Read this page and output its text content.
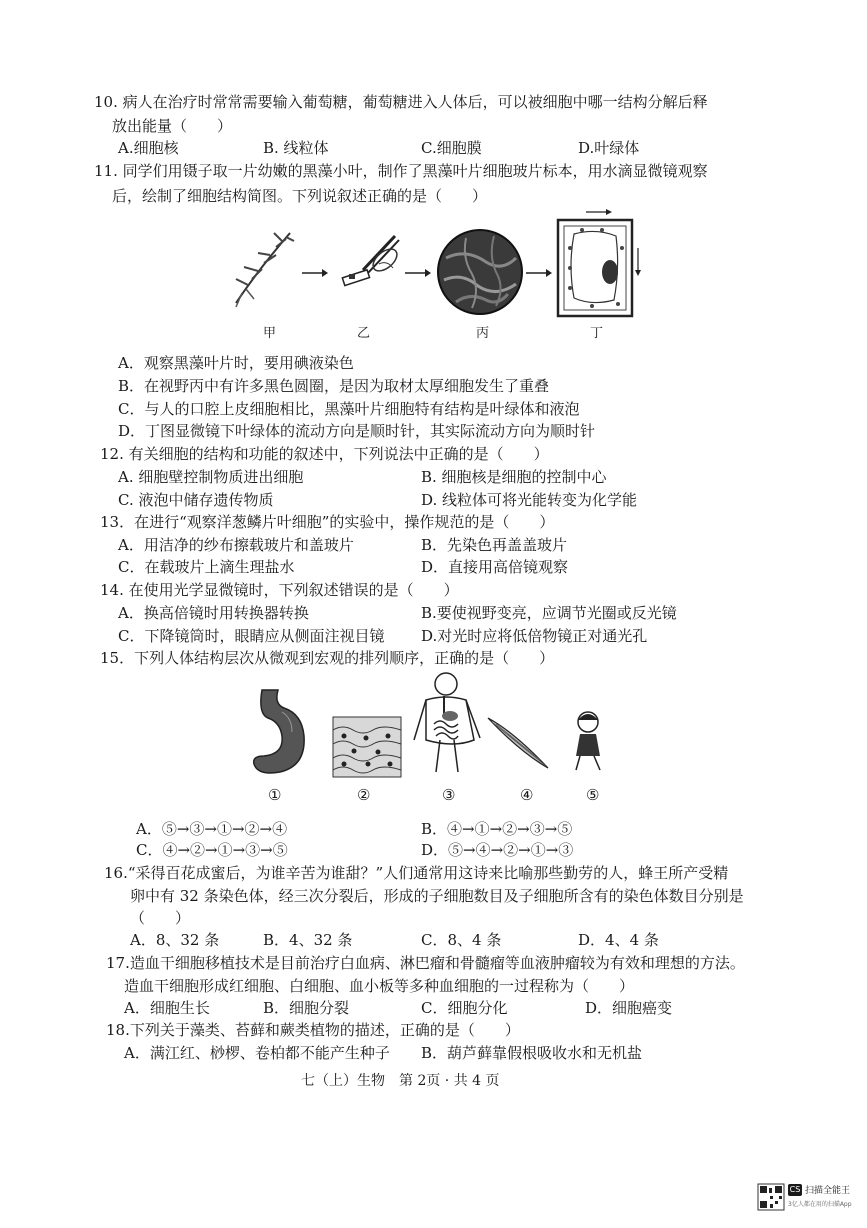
10. 病人在治疗时常常需要输入葡萄糖，葡萄糖进入人体后，可以被细胞中哪一结构分解后释
放出能量（　　）
A.细胞核	B. 线粒体	C.细胞膜	D.叶绿体
11. 同学们用镊子取一片幼嫩的黑藻小叶，制作了黑藻叶片细胞玻片标本，用水滴显微镜观察
后，绘制了细胞结构简图。下列说叙述正确的是（　　）
甲	乙	丙	丁
A．观察黑藻叶片时，要用碘液染色
B．在视野丙中有许多黑色圆圈，是因为取材太厚细胞发生了重叠
C．与人的口腔上皮细胞相比，黑藻叶片细胞特有结构是叶绿体和液泡
D．丁图显微镜下叶绿体的流动方向是顺时针，其实际流动方向为顺时针
12. 有关细胞的结构和功能的叙述中，下列说法中正确的是（　　）
A. 细胞壁控制物质进出细胞	B. 细胞核是细胞的控制中心
C. 液泡中储存遗传物质	D. 线粒体可将光能转变为化学能
13．在进行“观察洋葱鳞片叶细胞”的实验中，操作规范的是（　　）
A．用洁净的纱布擦载玻片和盖玻片	B．先染色再盖盖玻片
C．在载玻片上滴生理盐水	D．直接用高倍镜观察
14. 在使用光学显微镜时，下列叙述错误的是（　　）
A．换高倍镜时用转换器转换	B.要使视野变亮，应调节光圈或反光镜
C．下降镜筒时，眼睛应从侧面注视目镜 D.对光时应将低倍物镜正对通光孔
15．下列人体结构层次从微观到宏观的排列顺序，正确的是（　　）
①	②	③	④	⑤
A．⑤→③→①→②→④	B．④→①→②→③→⑤
C．④→②→①→③→⑤	D．⑤→④→②→①→③
16.“采得百花成蜜后，为谁辛苦为谁甜？”人们通常用这诗来比喻那些勤劳的人，蜂王所产受精
卵中有 32 条染色体，经三次分裂后，形成的子细胞数目及子细胞所含有的染色体数目分别是
（　　）
A．8、32 条	B．4、32 条	C．8、4 条	D．4、4 条
17.造血干细胞移植技术是目前治疗白血病、淋巴瘤和骨髓瘤等血液肿瘤较为有效和理想的方法。
造血干细胞形成红细胞、白细胞、血小板等多种血细胞的一过程称为（　　）
A．细胞生长	B．细胞分裂	C．细胞分化	D．细胞癌变
18.下列关于藻类、苔藓和蕨类植物的描述，正确的是（　　）
A．满江红、桫椤、卷柏都不能产生种子 B．葫芦藓靠假根吸收水和无机盐
七（上）生物　第 2页 · 共 4 页
CS 扫描全能王
3亿人都在用的扫描App
